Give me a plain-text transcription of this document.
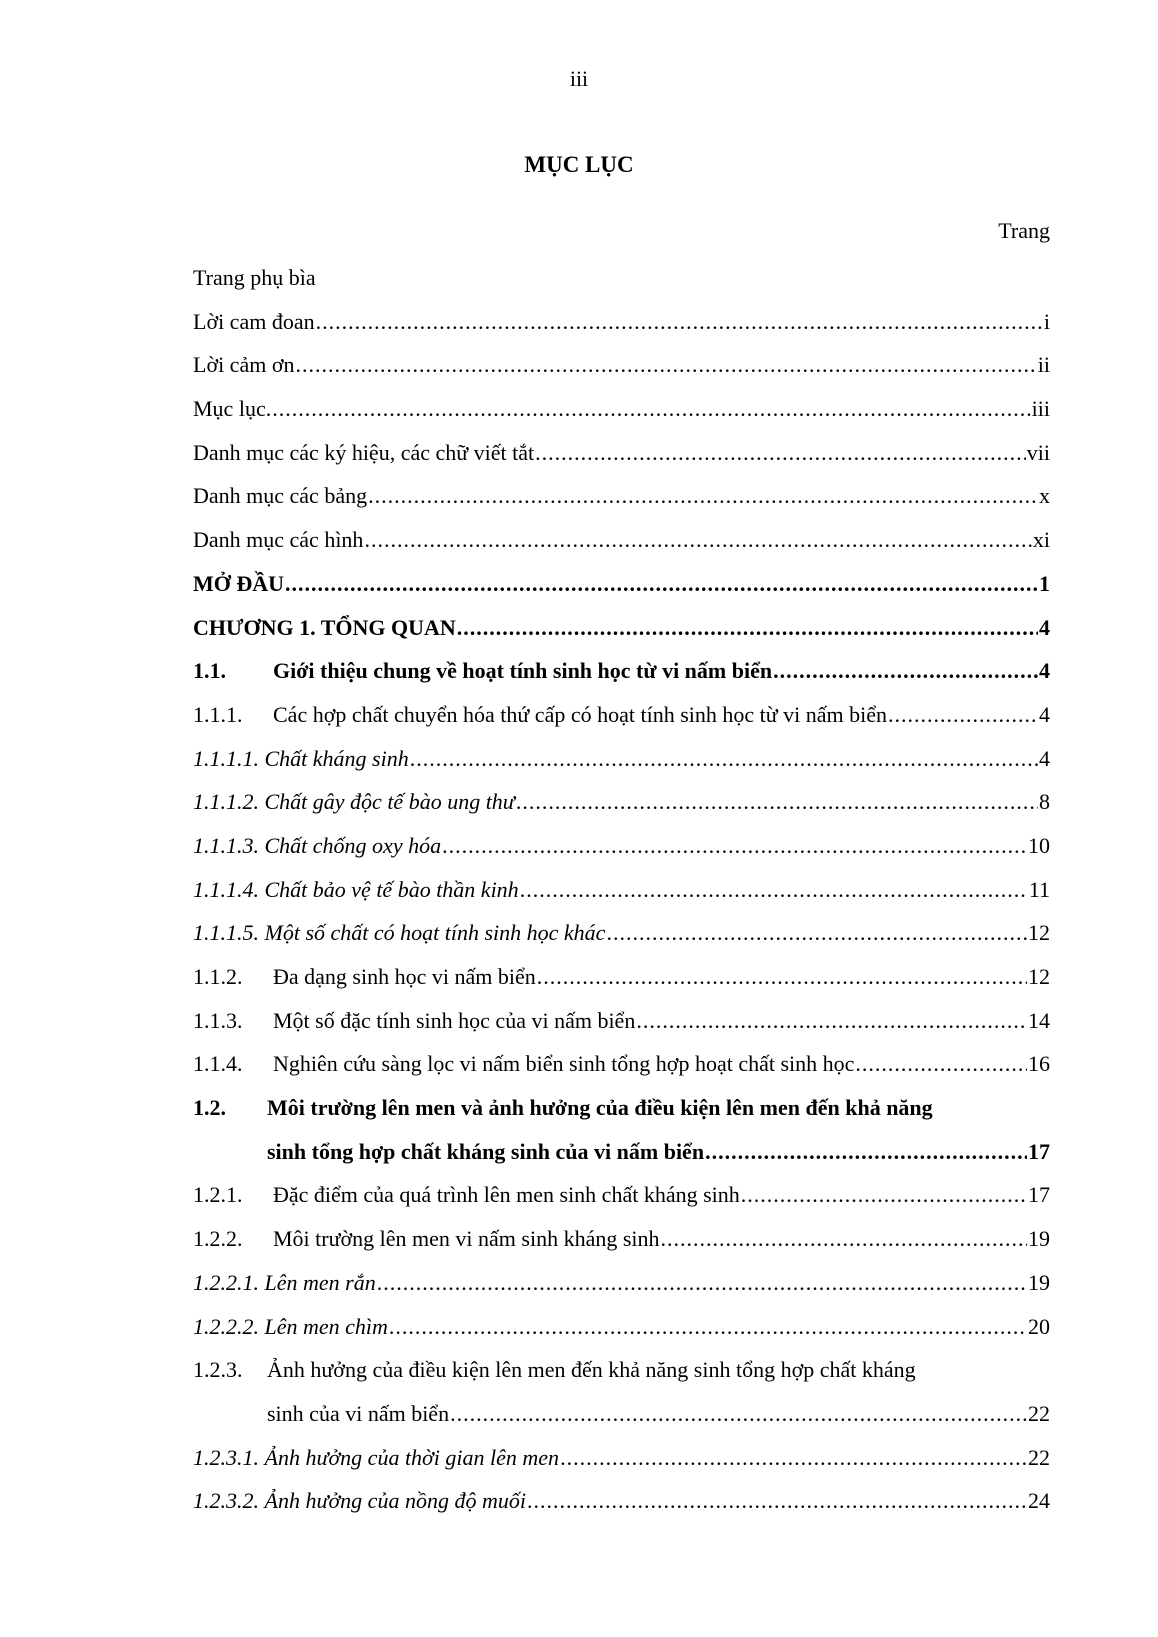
iii
MỤC LỤC
Trang
Trang phụ bìa
Lời cam đoan .....	i
Lời cảm ơn .....	ii
Mục lục. .....	iii
Danh mục các ký hiệu, các chữ viết tắt .....	vii
Danh mục các bảng .....	x
Danh mục các hình .....	xi
MỞ ĐẦU .....	1
CHƯƠNG 1. TỔNG QUAN .....	4
1.1.	Giới thiệu chung về hoạt tính sinh học từ vi nấm biển .....	4
1.1.1.	Các hợp chất chuyển hóa thứ cấp có hoạt tính sinh học từ vi nấm biển .....	4
1.1.1.1. Chất kháng sinh .....	4
1.1.1.2. Chất gây độc tế bào ung thư .....	8
1.1.1.3. Chất chống oxy hóa .....	10
1.1.1.4. Chất bảo vệ tế bào thần kinh .....	11
1.1.1.5. Một số chất có hoạt tính sinh học khác .....	12
1.1.2.	Đa dạng sinh học vi nấm biển .....	12
1.1.3.	Một số đặc tính sinh học của vi nấm biển .....	14
1.1.4.	Nghiên cứu sàng lọc vi nấm biển sinh tổng hợp hoạt chất sinh học .....	16
1.2. Môi trường lên men và ảnh hưởng của điều kiện lên men đến khả năng
sinh tổng hợp chất kháng sinh của vi nấm biển .....	17
1.2.1.	Đặc điểm của quá trình lên men sinh chất kháng sinh .....	17
1.2.2.	Môi trường lên men vi nấm sinh kháng sinh .....	19
1.2.2.1. Lên men rắn .....	19
1.2.2.2. Lên men chìm .....	20
1.2.3. Ảnh hưởng của điều kiện lên men đến khả năng sinh tổng hợp chất kháng
sinh của vi nấm biển .....	22
1.2.3.1. Ảnh hưởng của thời gian lên men .....	22
1.2.3.2. Ảnh hưởng của nồng độ muối .....	24
